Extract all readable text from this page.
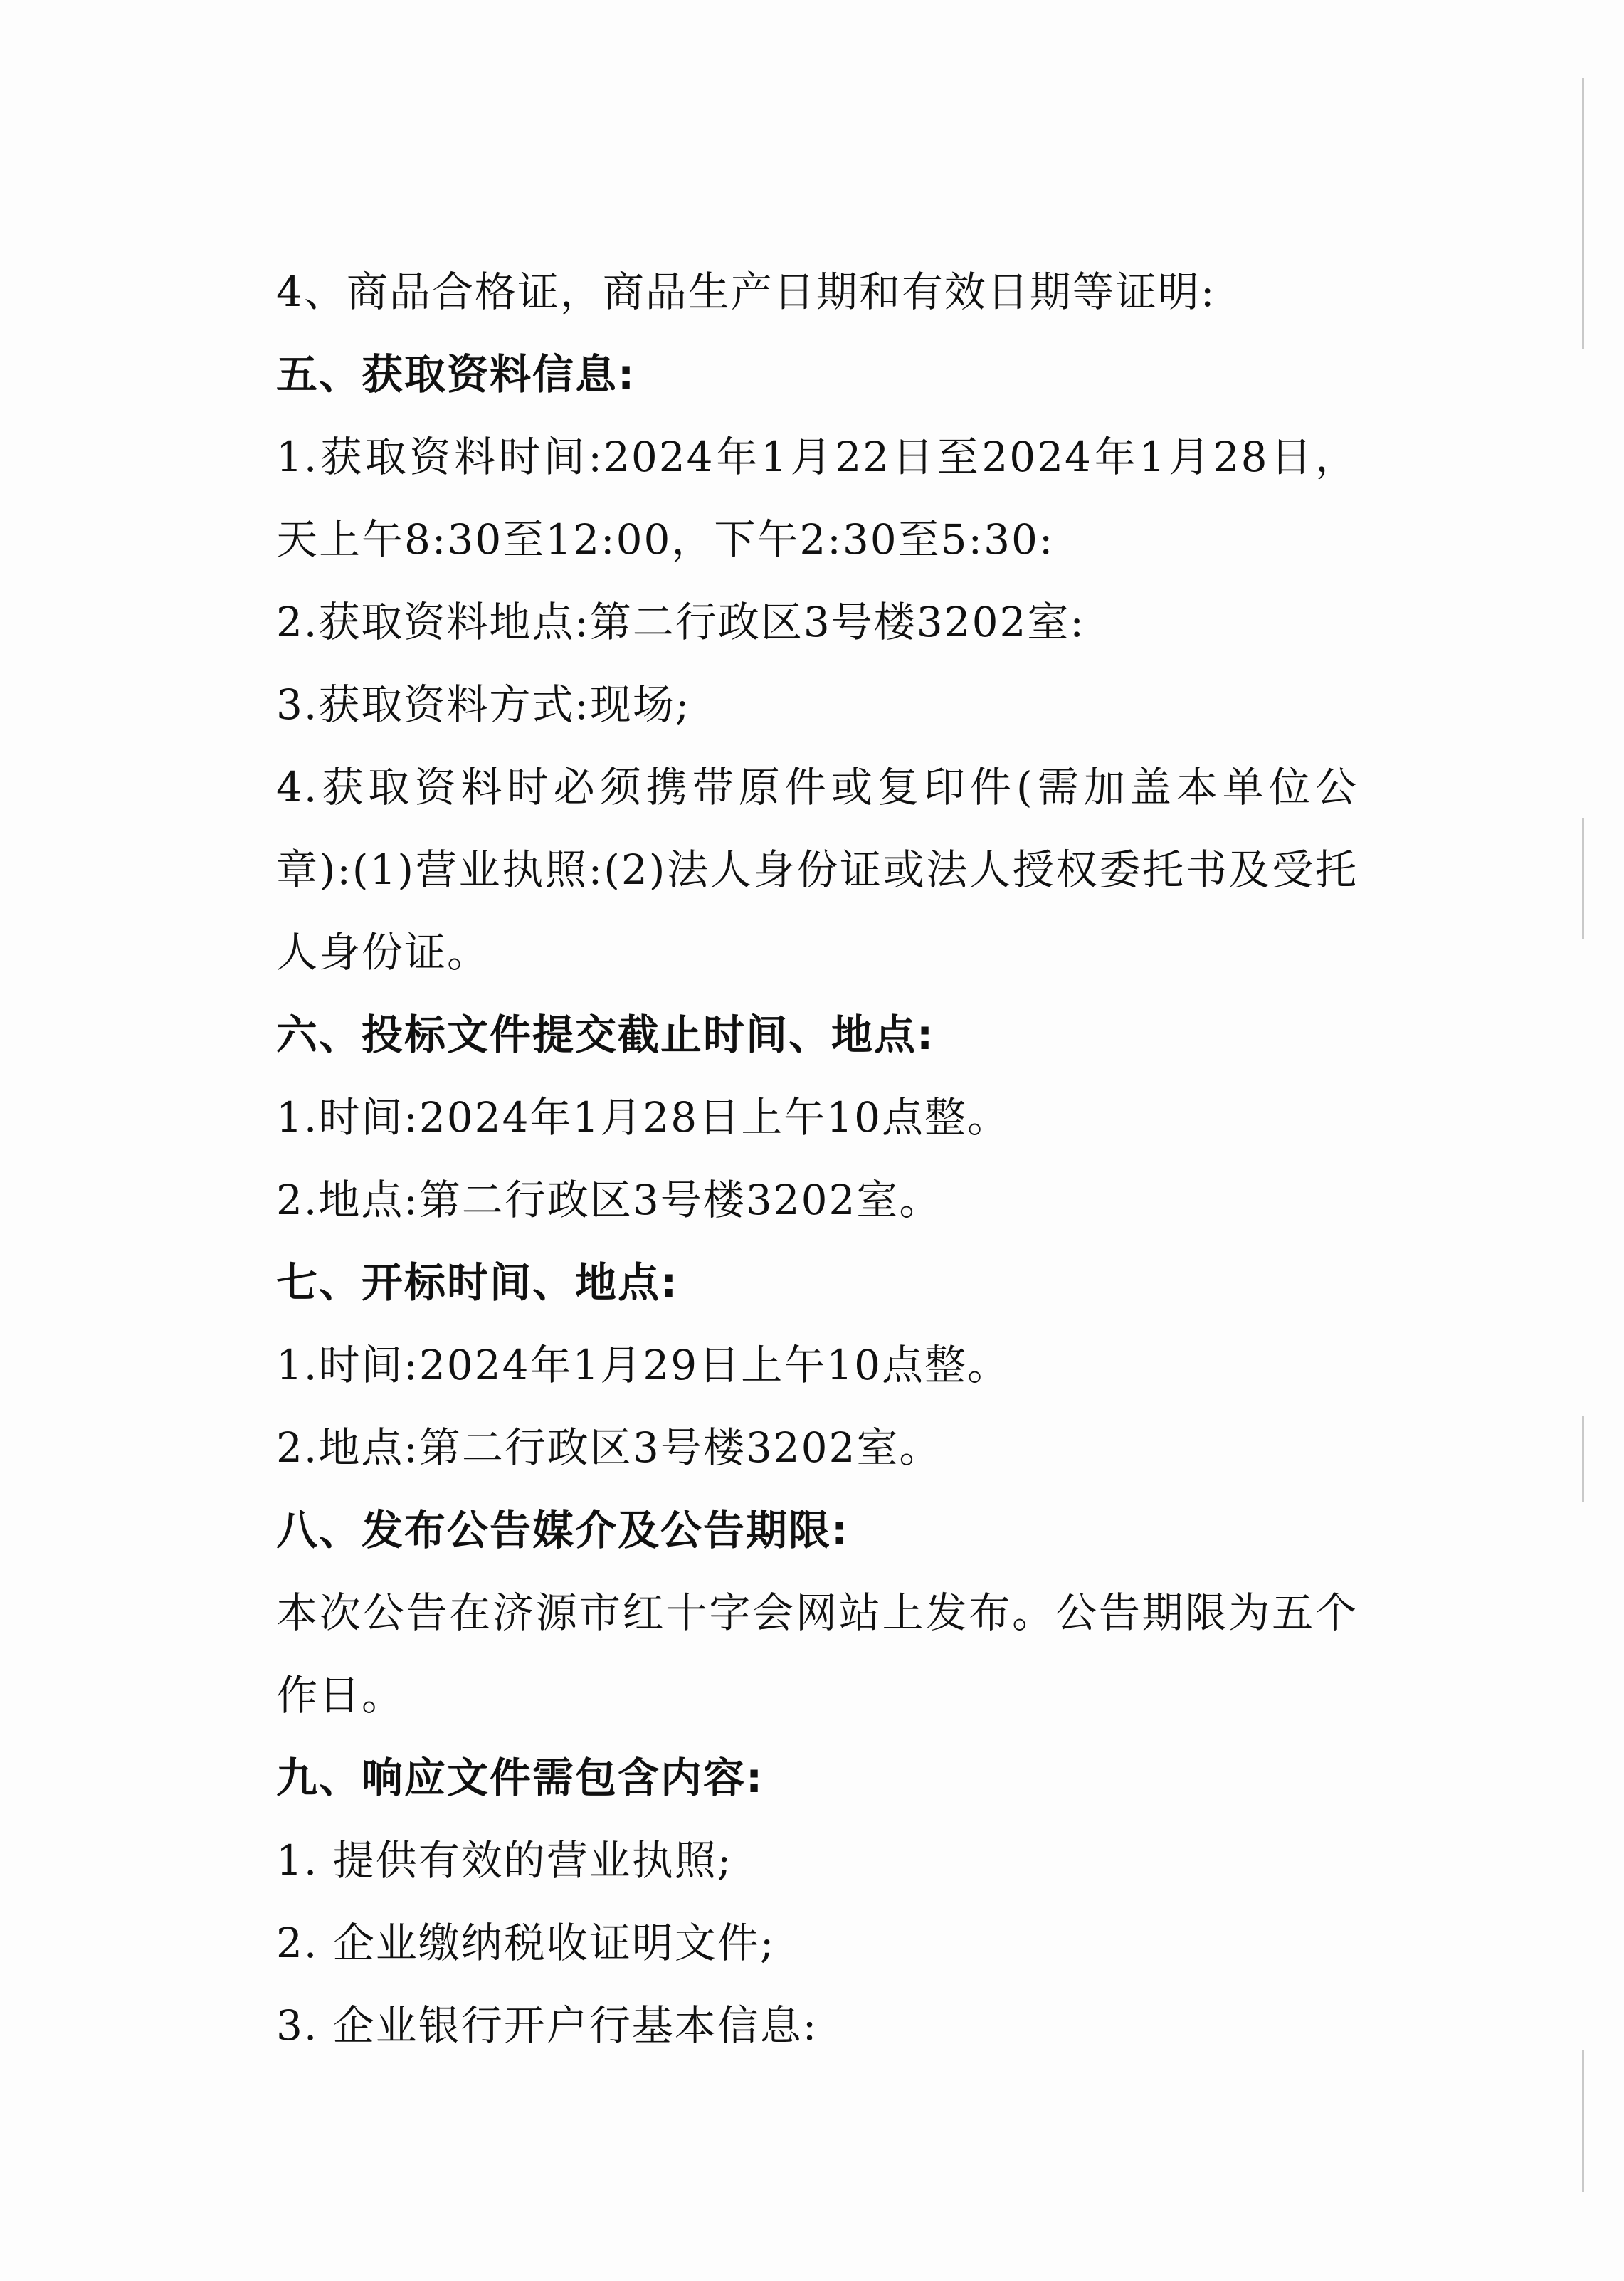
4、商品合格证，商品生产日期和有效日期等证明:
五、获取资料信息:
1.获取资料时间:2024年1月22日至2024年1月28日，
天上午8:30至12:00，下午2:30至5:30:
2.获取资料地点:第二行政区3号楼3202室:
3.获取资料方式:现场;
4.获取资料时必须携带原件或复印件(需加盖本单位公
章):(1)营业执照:(2)法人身份证或法人授权委托书及受托
人身份证。
六、投标文件提交截止时间、地点:
1.时间:2024年1月28日上午10点整。
2.地点:第二行政区3号楼3202室。
七、开标时间、地点:
1.时间:2024年1月29日上午10点整。
2.地点:第二行政区3号楼3202室。
八、发布公告媒介及公告期限:
本次公告在济源市红十字会网站上发布。公告期限为五个
作日。
九、响应文件需包含内容:
1. 提供有效的营业执照;
2. 企业缴纳税收证明文件;
3. 企业银行开户行基本信息:
